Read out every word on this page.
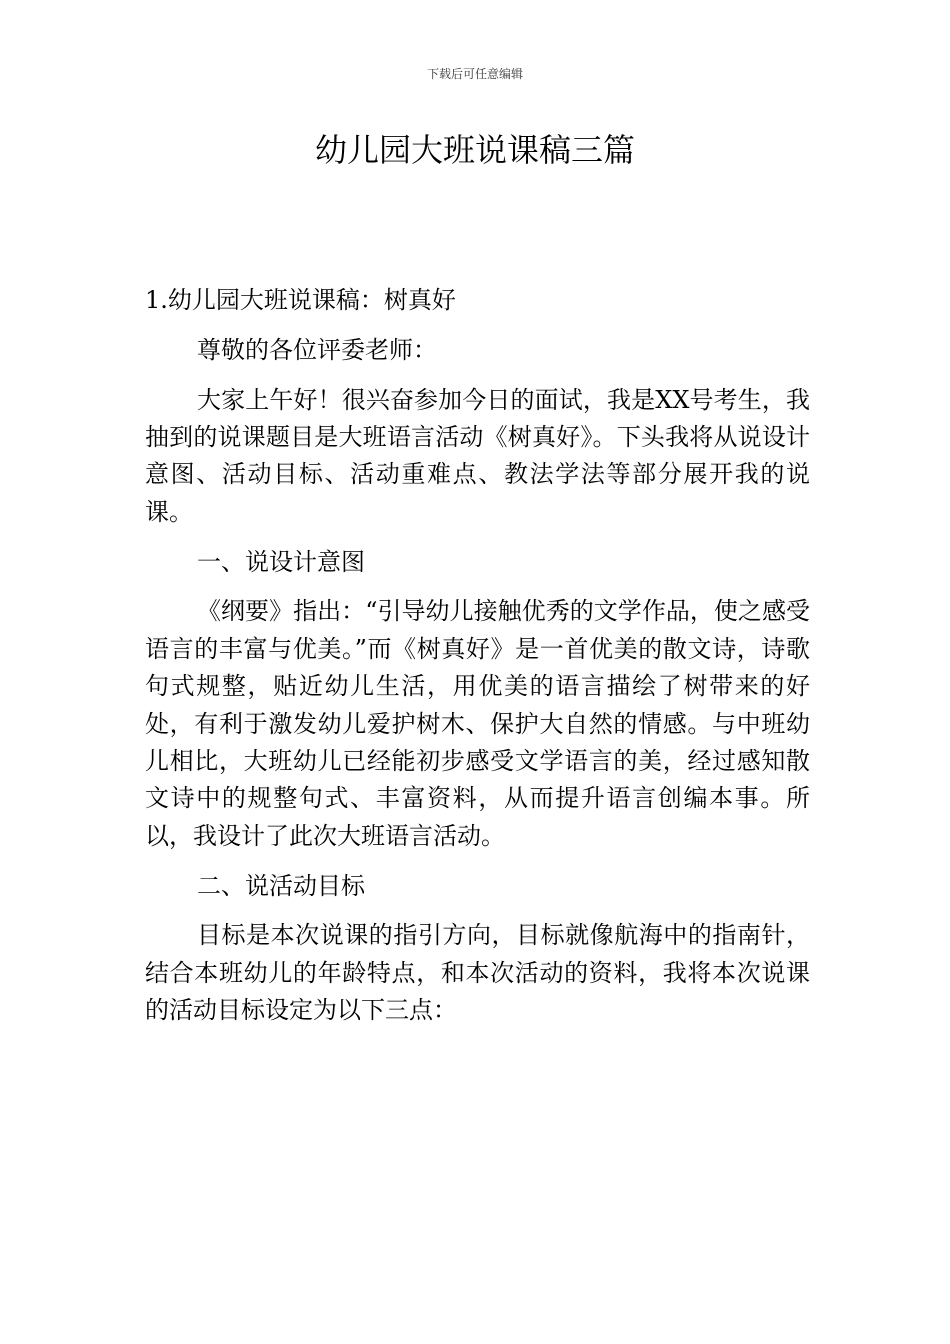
下载后可任意编辑
幼儿园大班说课稿三篇

1.幼儿园大班说课稿：树真好

尊敬的各位评委老师：

大家上午好！很兴奋参加今日的面试，我是XX号考生，我抽到的说课题目是大班语言活动《树真好》。下头我将从说设计意图、活动目标、活动重难点、教法学法等部分展开我的说课。

一、说设计意图

《纲要》指出：“引导幼儿接触优秀的文学作品，使之感受语言的丰富与优美。”而《树真好》是一首优美的散文诗，诗歌句式规整，贴近幼儿生活，用优美的语言描绘了树带来的好处，有利于激发幼儿爱护树木、保护大自然的情感。与中班幼儿相比，大班幼儿已经能初步感受文学语言的美，经过感知散文诗中的规整句式、丰富资料，从而提升语言创编本事。所以，我设计了此次大班语言活动。

二、说活动目标

目标是本次说课的指引方向，目标就像航海中的指南针，结合本班幼儿的年龄特点，和本次活动的资料，我将本次说课的活动目标设定为以下三点：
